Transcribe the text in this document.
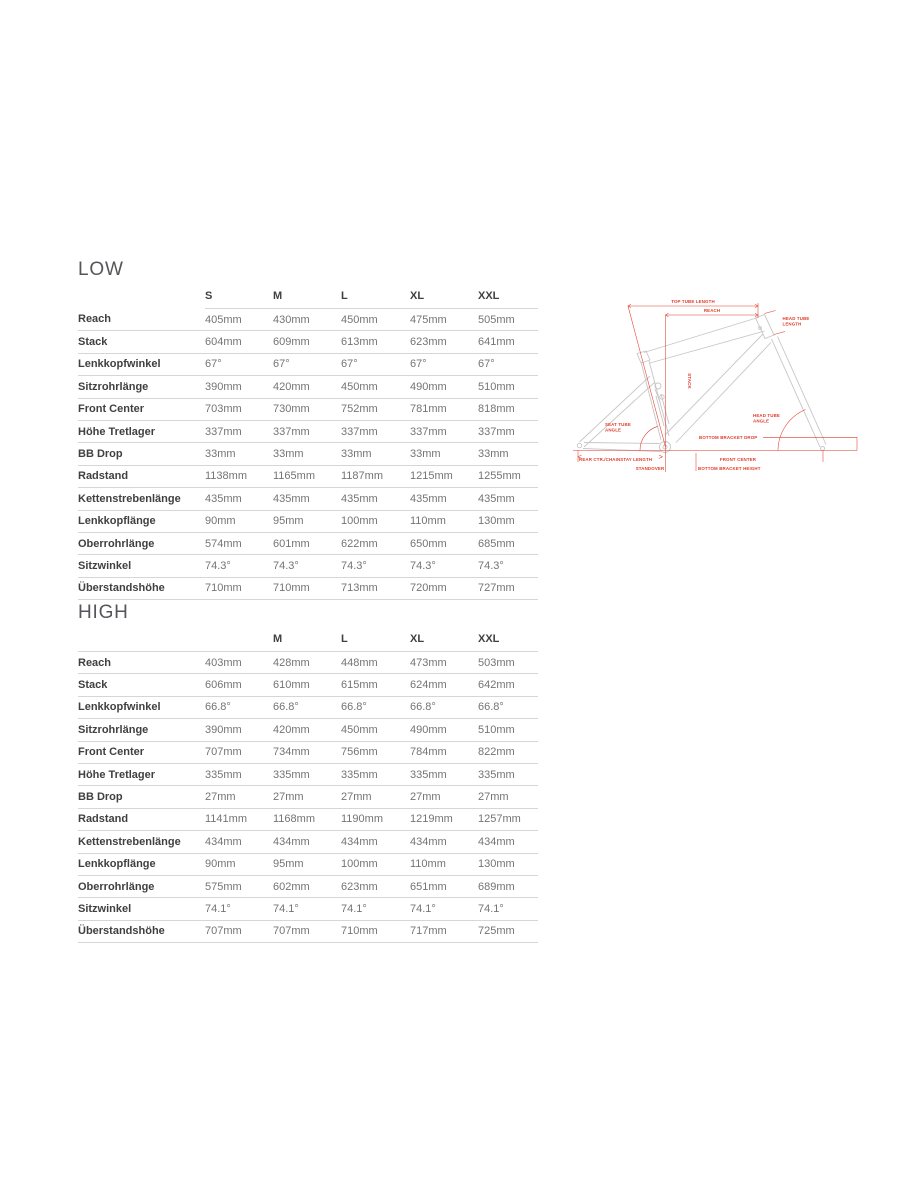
LOW
	S	M	L	XL	XXL
Reach	405mm	430mm	450mm	475mm	505mm
Stack	604mm	609mm	613mm	623mm	641mm
Lenkkopfwinkel	67°	67°	67°	67°	67°
Sitzrohrlänge	390mm	420mm	450mm	490mm	510mm
Front Center	703mm	730mm	752mm	781mm	818mm
Höhe Tretlager	337mm	337mm	337mm	337mm	337mm
BB Drop	33mm	33mm	33mm	33mm	33mm
Radstand	1138mm	1165mm	1187mm	1215mm	1255mm
Kettenstrebenlänge	435mm	435mm	435mm	435mm	435mm
Lenkkopflänge	90mm	95mm	100mm	110mm	130mm
Oberrohrlänge	574mm	601mm	622mm	650mm	685mm
Sitzwinkel	74.3°	74.3°	74.3°	74.3°	74.3°
Überstandshöhe	710mm	710mm	713mm	720mm	727mm
HIGH
		M	L	XL	XXL
Reach	403mm	428mm	448mm	473mm	503mm
Stack	606mm	610mm	615mm	624mm	642mm
Lenkkopfwinkel	66.8°	66.8°	66.8°	66.8°	66.8°
Sitzrohrlänge	390mm	420mm	450mm	490mm	510mm
Front Center	707mm	734mm	756mm	784mm	822mm
Höhe Tretlager	335mm	335mm	335mm	335mm	335mm
BB Drop	27mm	27mm	27mm	27mm	27mm
Radstand	1141mm	1168mm	1190mm	1219mm	1257mm
Kettenstrebenlänge	434mm	434mm	434mm	434mm	434mm
Lenkkopflänge	90mm	95mm	100mm	110mm	130mm
Oberrohrlänge	575mm	602mm	623mm	651mm	689mm
Sitzwinkel	74.1°	74.1°	74.1°	74.1°	74.1°
Überstandshöhe	707mm	707mm	710mm	717mm	725mm
TOP TUBE LENGTH
REACH
HEAD TUBE
LENGTH
STACK
HEAD TUBE
ANGLE
SEAT TUBE
ANGLE
BOTTOM BRACKET DROP
REAR CTR./CHAINSTAY LENGTH	FRONT CENTER
STANDOVER	BOTTOM BRACKET HEIGHT
